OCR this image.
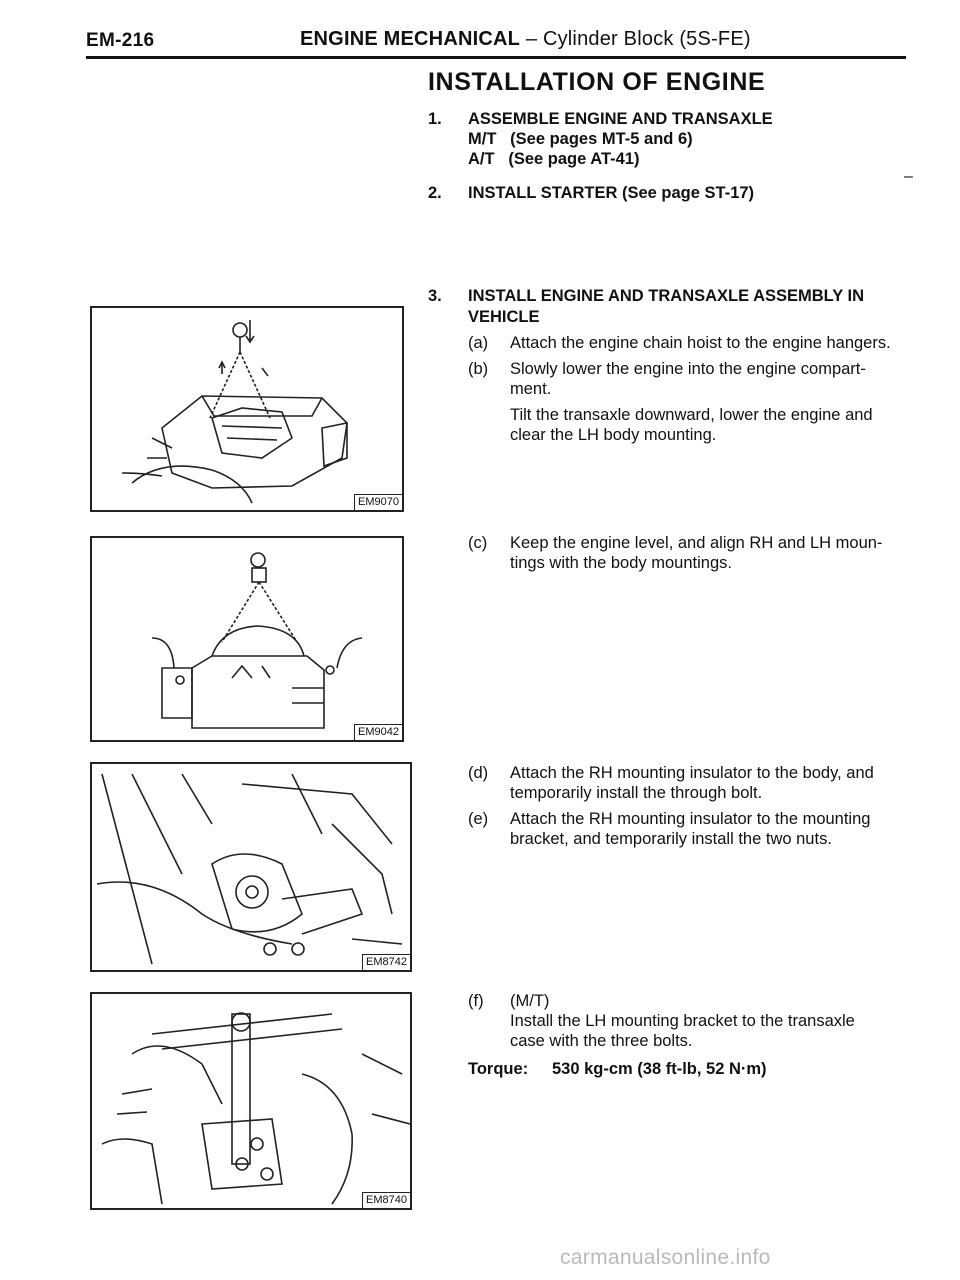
EM-216	ENGINE MECHANICAL – Cylinder Block (5S-FE)
INSTALLATION OF ENGINE
1. ASSEMBLE ENGINE AND TRANSAXLE
M/T   (See pages MT-5 and 6)
A/T   (See page AT-41)
–
2. INSTALL STARTER (See page ST-17)
3. INSTALL ENGINE AND TRANSAXLE ASSEMBLY IN
VEHICLE
(a) Attach the engine chain hoist to the engine hangers.
(b) Slowly lower the engine into the engine compart-
ment.
Tilt the transaxle downward, lower the engine and
clear the LH body mounting.
(c) Keep the engine level, and align RH and LH moun-
tings with the body mountings.
(d) Attach the RH mounting insulator to the body, and
temporarily install the through bolt.
(e) Attach the RH mounting insulator to the mounting
bracket, and temporarily install the two nuts.
(f) (M/T)
Install the LH mounting bracket to the transaxle
case with the three bolts.
Torque: 530 kg-cm (38 ft-lb, 52 N·m)
EM9070
EM9042
EM8742
EM8740
carmanualsonline.info
